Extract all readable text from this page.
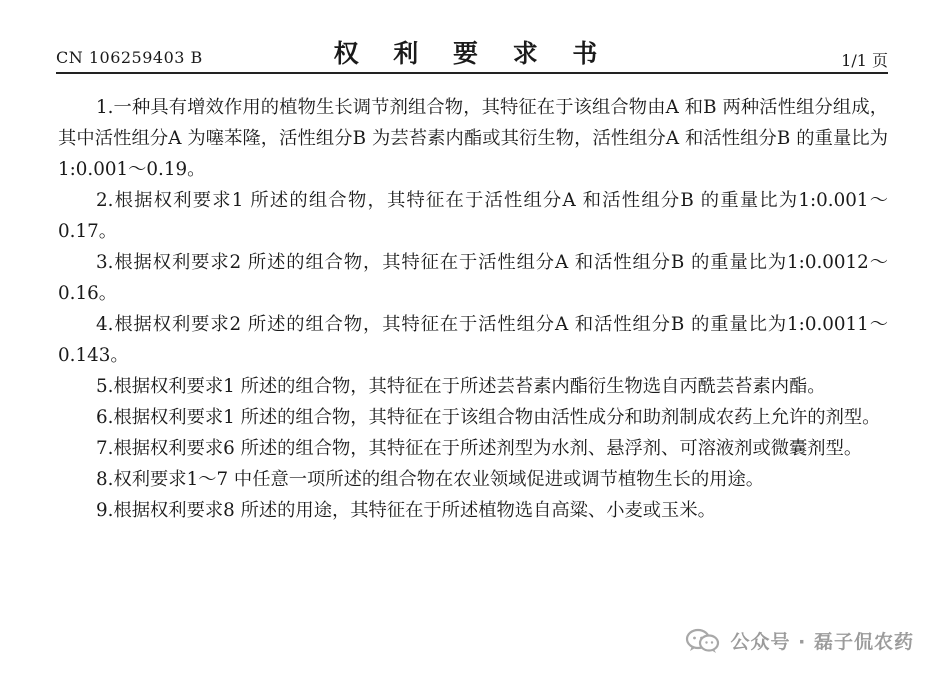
CN 106259403 B	权 利 要 求 书	1/1 页

1.一种具有增效作用的植物生长调节剂组合物，其特征在于该组合物由A 和B 两种活性组分组成，其中活性组分A 为噻苯隆，活性组分B 为芸苔素内酯或其衍生物，活性组分A 和活性组分B 的重量比为1:0.001～0.19。

2.根据权利要求1 所述的组合物，其特征在于活性组分A 和活性组分B 的重量比为1:0.001～0.17。

3.根据权利要求2 所述的组合物，其特征在于活性组分A 和活性组分B 的重量比为1:0.0012～0.16。

4.根据权利要求2 所述的组合物，其特征在于活性组分A 和活性组分B 的重量比为1:0.0011～0.143。

5.根据权利要求1 所述的组合物，其特征在于所述芸苔素内酯衍生物选自丙酰芸苔素内酯。

6.根据权利要求1 所述的组合物，其特征在于该组合物由活性成分和助剂制成农药上允许的剂型。

7.根据权利要求6 所述的组合物，其特征在于所述剂型为水剂、悬浮剂、可溶液剂或微囊剂型。

8.权利要求1～7 中任意一项所述的组合物在农业领域促进或调节植物生长的用途。

9.根据权利要求8 所述的用途，其特征在于所述植物选自高粱、小麦或玉米。

公众号 · 磊子侃农药
